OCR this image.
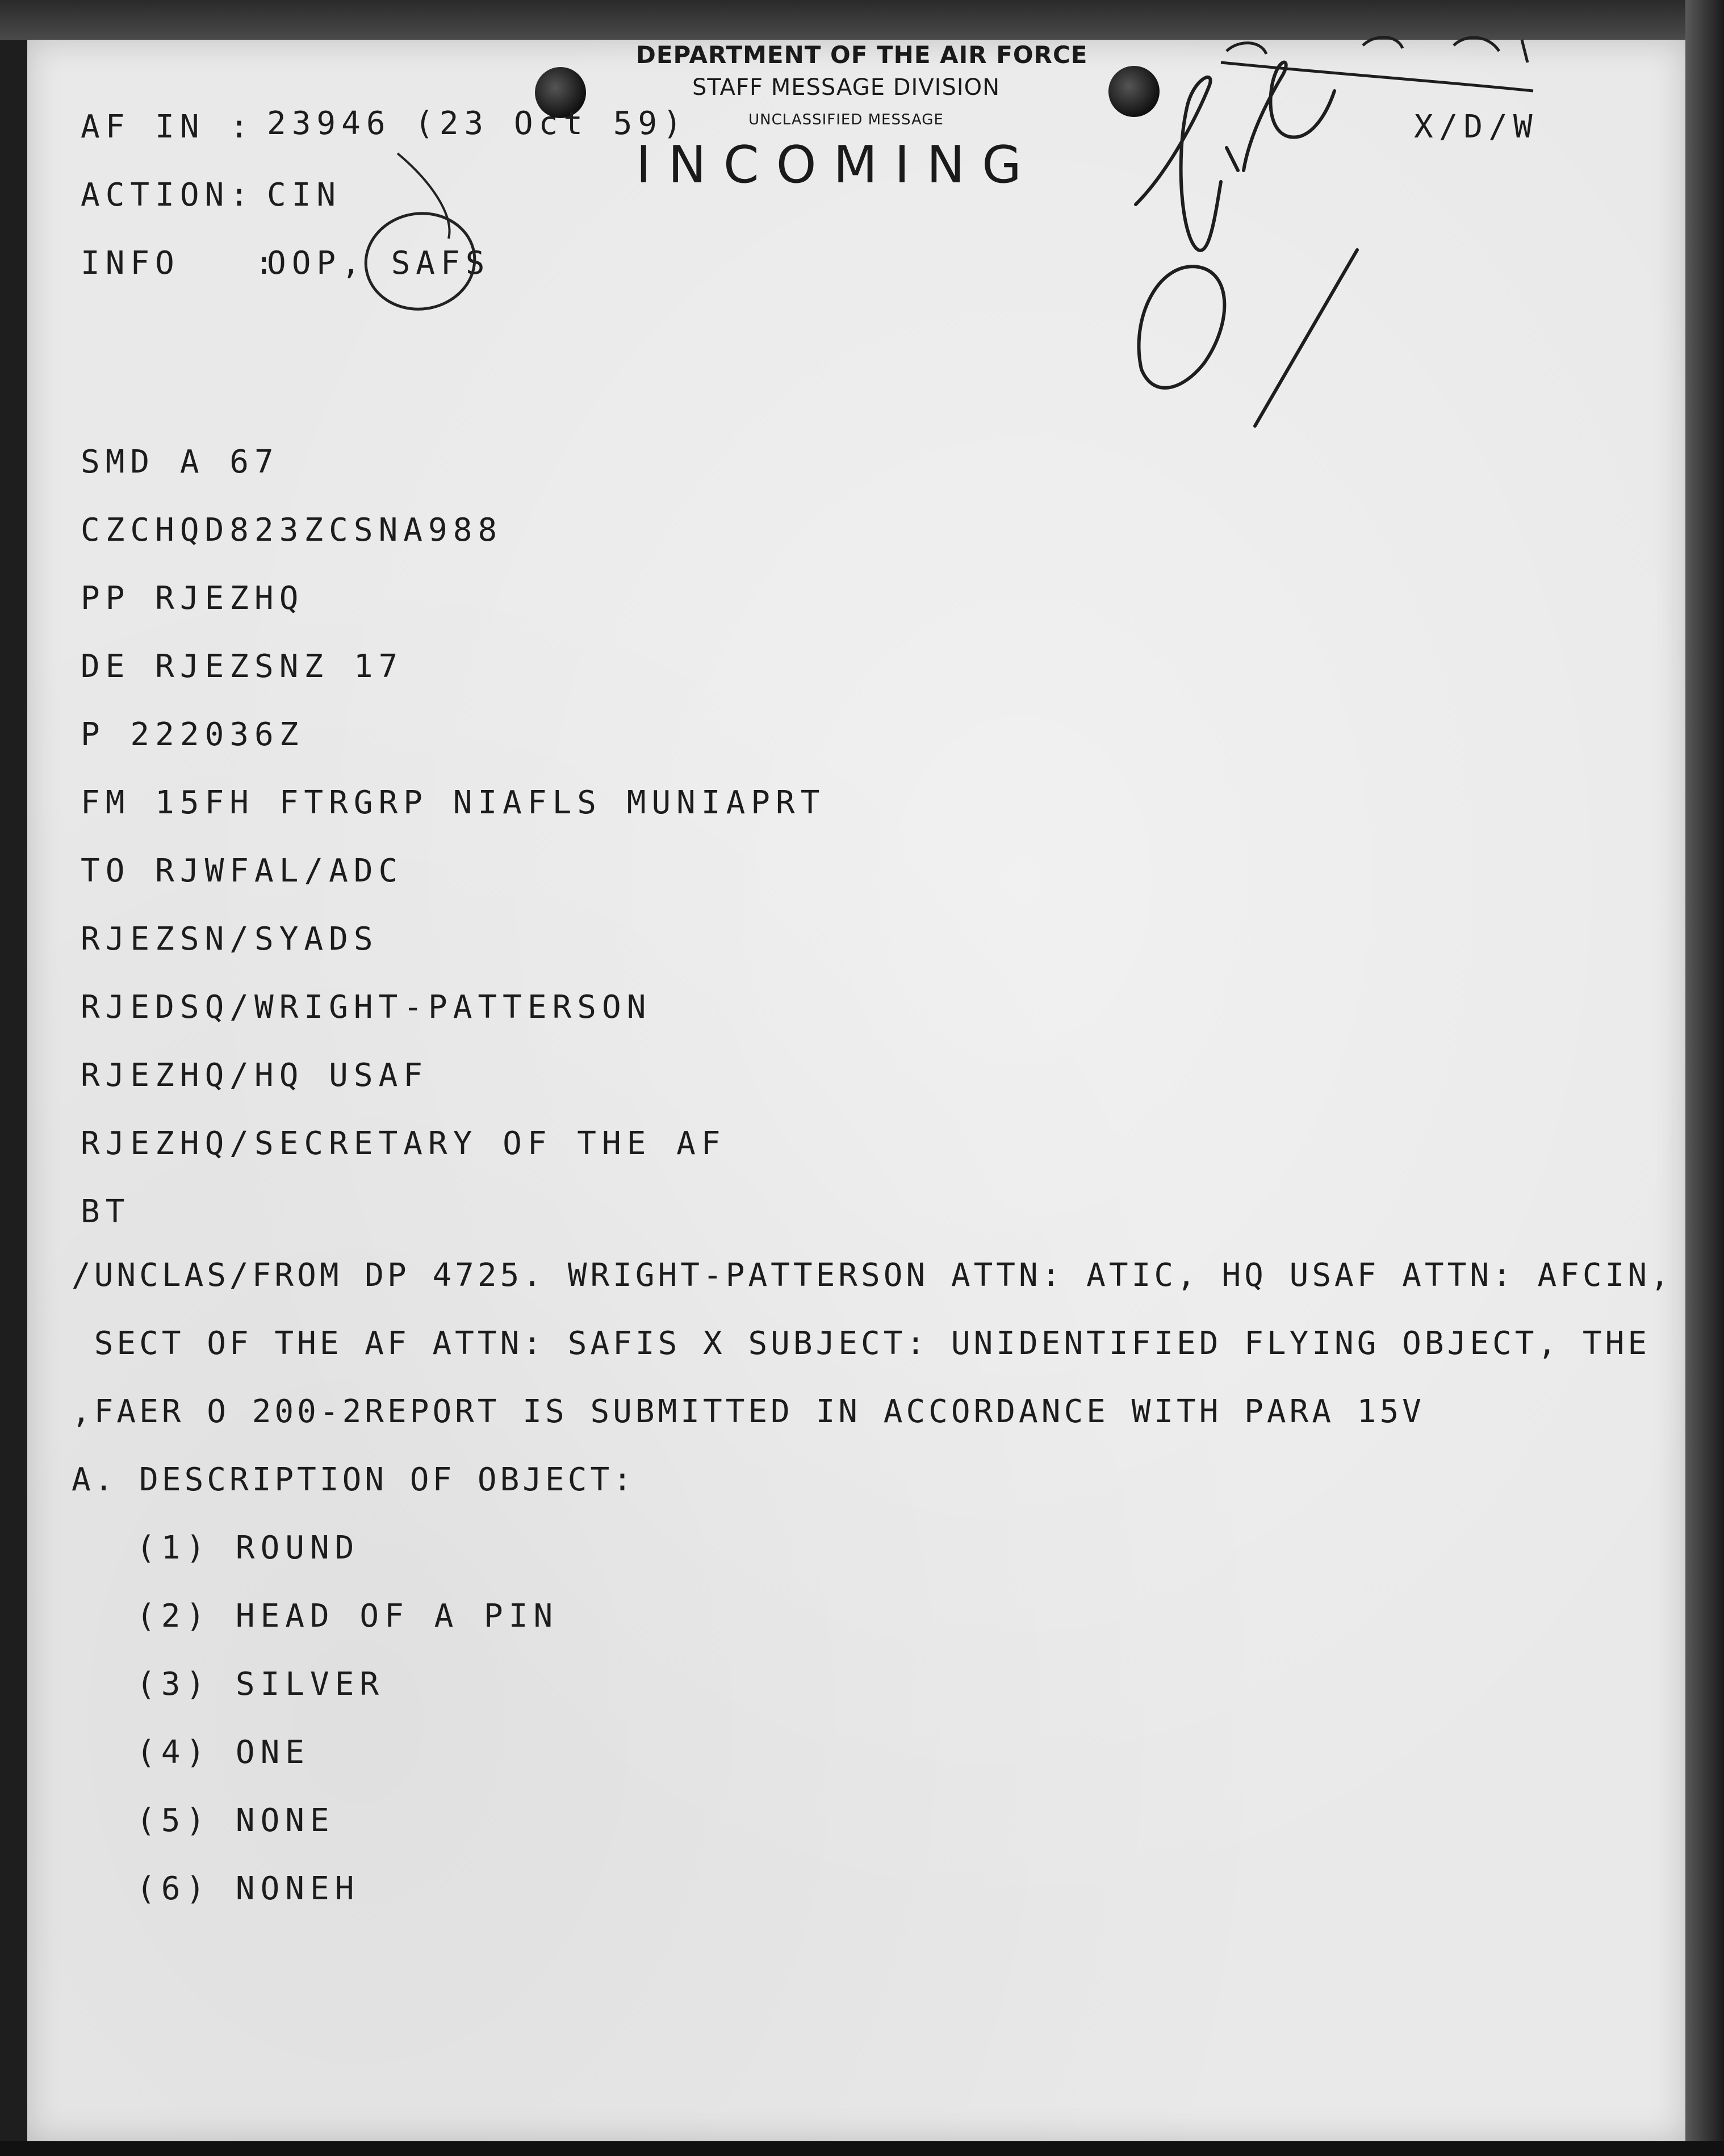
DEPARTMENT OF THE AIR FORCE
STAFF MESSAGE DIVISION
UNCLASSIFIED MESSAGE
INCOMING
AF IN : 23946 (23 Oct 59)
ACTION: CIN
INFO   :
OOP, SAFS
X/D/W
SMD A 67
CZCHQD823ZCSNA988
PP RJEZHQ
DE RJEZSNZ 17
P 222036Z
FM 15FH FTRGRP NIAFLS MUNIAPRT
TO RJWFAL/ADC
RJEZSN/SYADS
RJEDSQ/WRIGHT-PATTERSON
RJEZHQ/HQ USAF
RJEZHQ/SECRETARY OF THE AF
BT
/UNCLAS/FROM DP 4725. WRIGHT-PATTERSON ATTN: ATIC, HQ USAF ATTN: AFCIN,
SECT OF THE AF ATTN: SAFIS X SUBJECT: UNIDENTIFIED FLYING OBJECT, THE
,FAER O 200-2REPORT IS SUBMITTED IN ACCORDANCE WITH PARA 15V
A. DESCRIPTION OF OBJECT:
(1) ROUND
(2) HEAD OF A PIN
(3) SILVER
(4) ONE
(5) NONE
(6) NONEH
